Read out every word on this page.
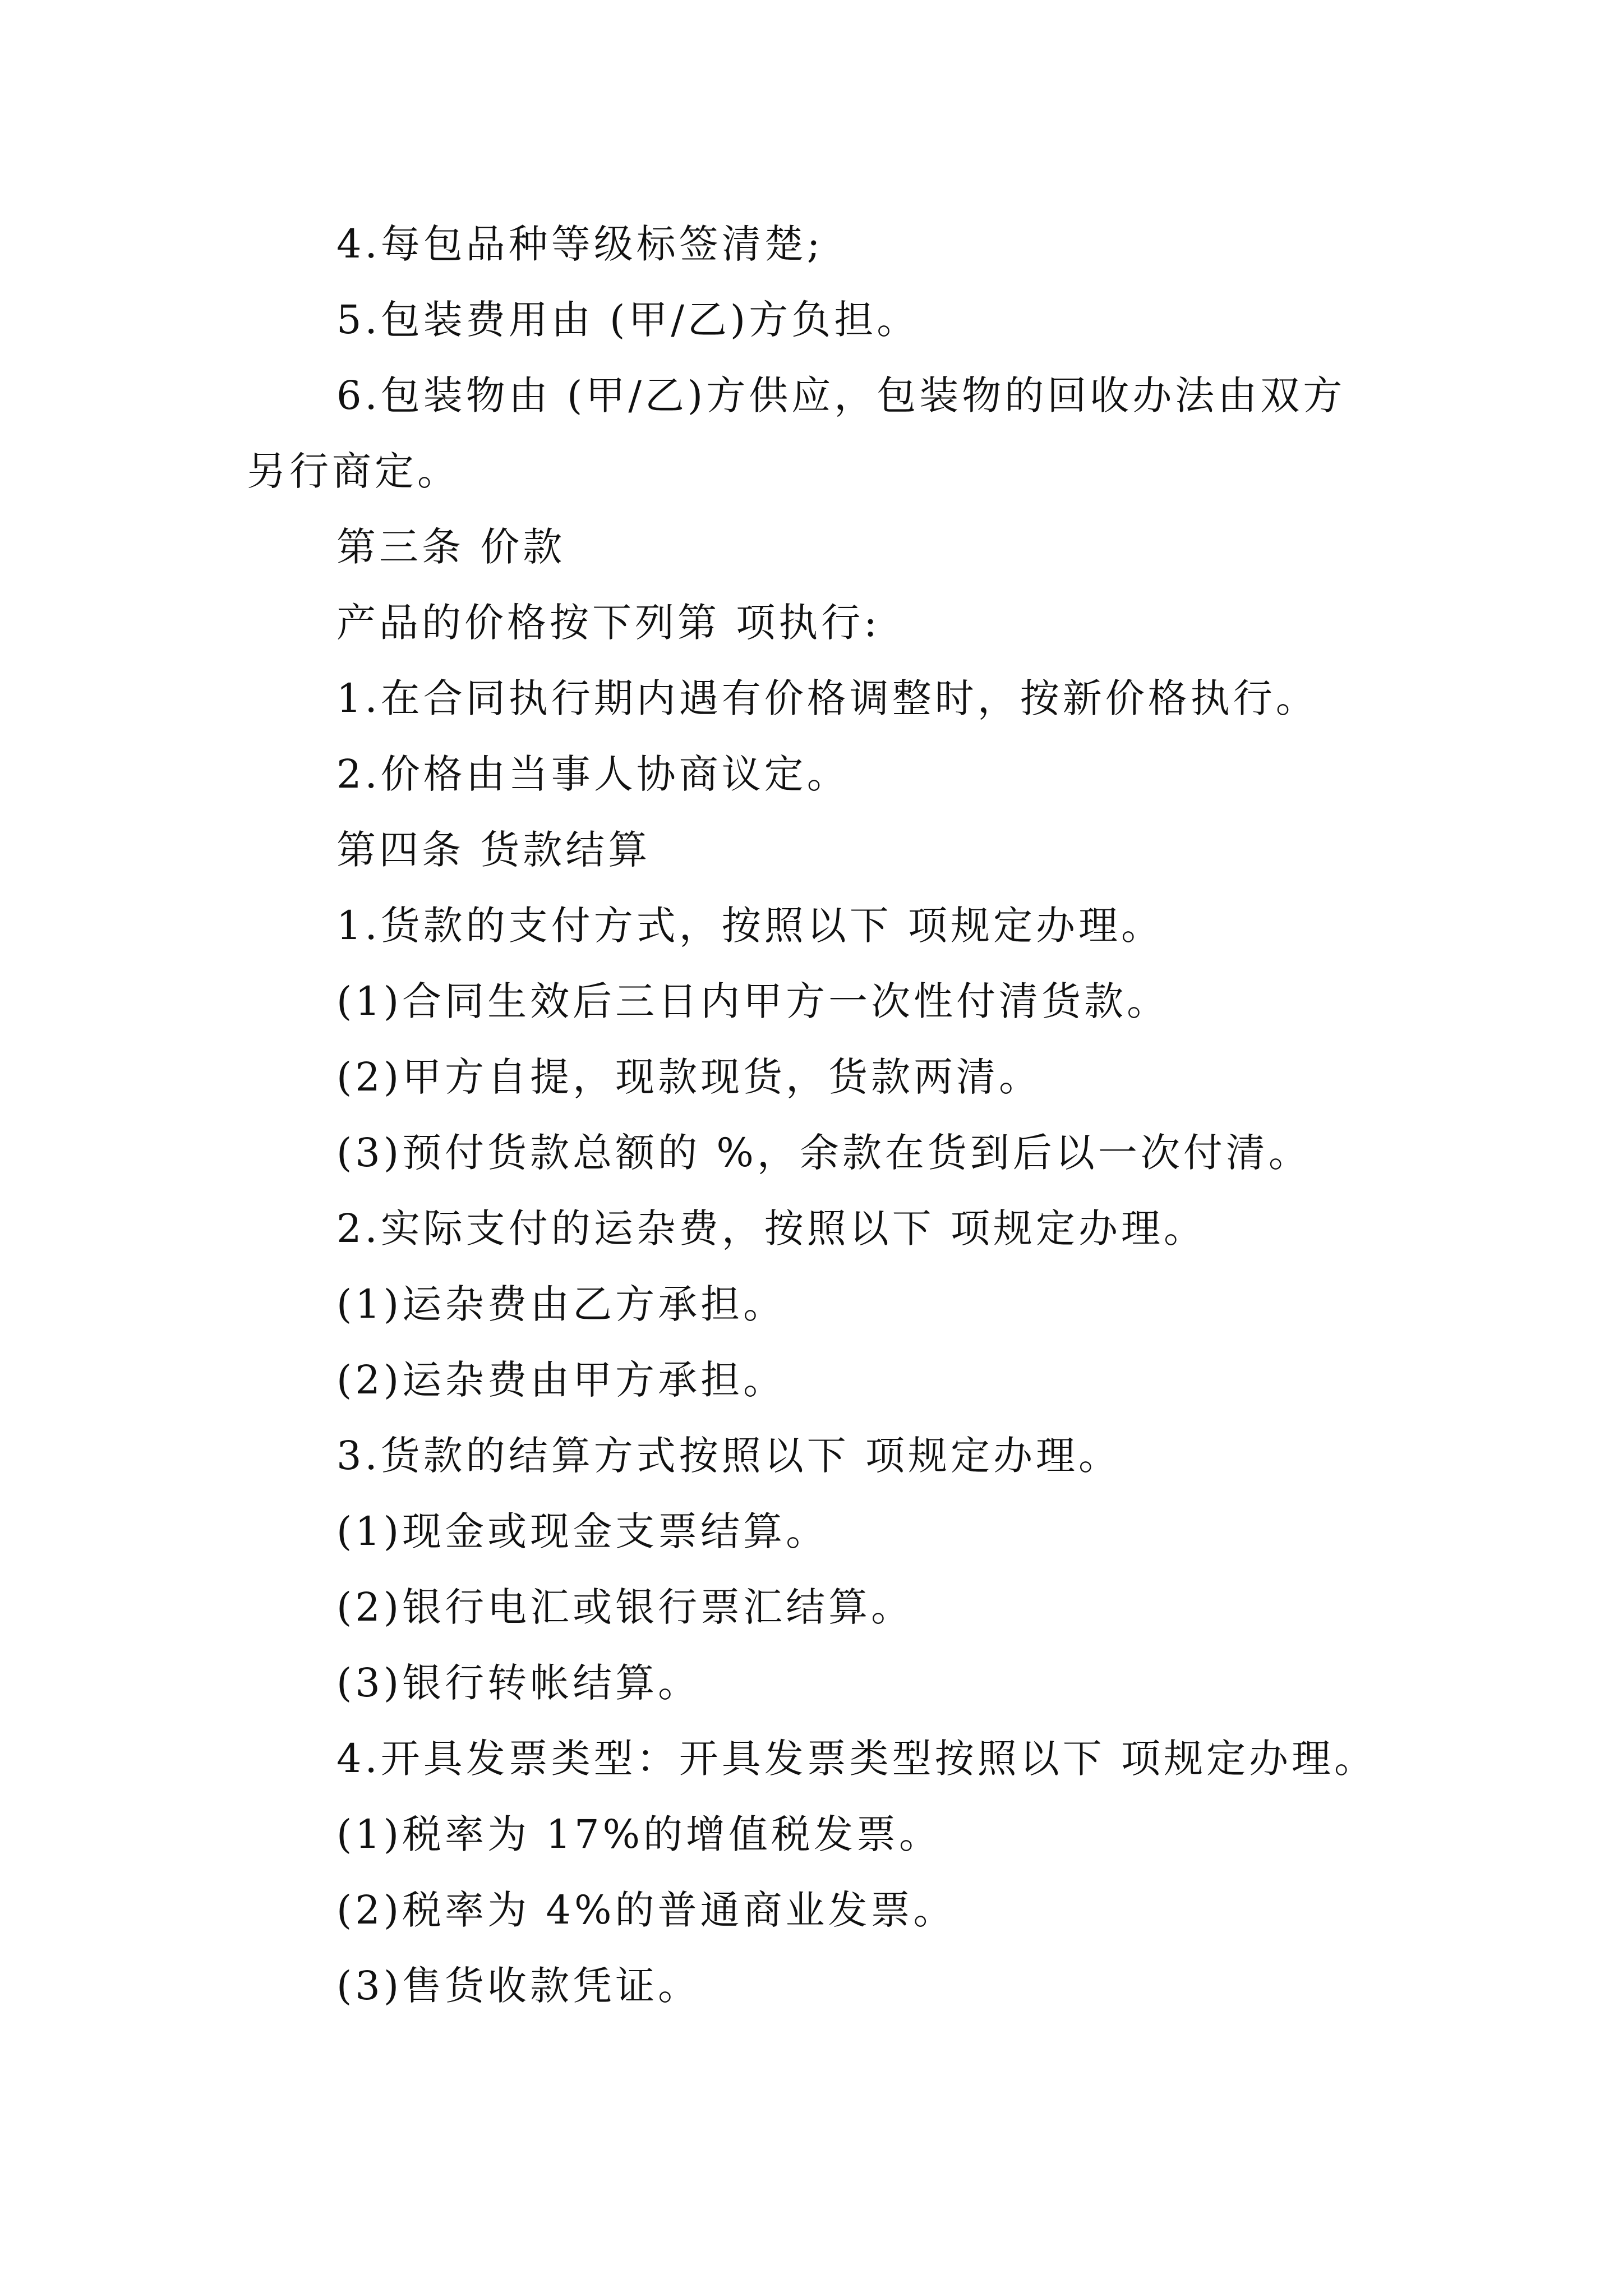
4.每包品种等级标签清楚;
5.包装费用由 (甲/乙)方负担。
6.包装物由 (甲/乙)方供应，包装物的回收办法由双方
另行商定。
第三条 价款
产品的价格按下列第 项执行:
1.在合同执行期内遇有价格调整时，按新价格执行。
2.价格由当事人协商议定。
第四条 货款结算
1.货款的支付方式，按照以下 项规定办理。
(1)合同生效后三日内甲方一次性付清货款。
(2)甲方自提，现款现货，货款两清。
(3)预付货款总额的 %，余款在货到后以一次付清。
2.实际支付的运杂费，按照以下 项规定办理。
(1)运杂费由乙方承担。
(2)运杂费由甲方承担。
3.货款的结算方式按照以下 项规定办理。
(1)现金或现金支票结算。
(2)银行电汇或银行票汇结算。
(3)银行转帐结算。
4.开具发票类型：开具发票类型按照以下 项规定办理。
(1)税率为 17%的增值税发票。
(2)税率为 4%的普通商业发票。
(3)售货收款凭证。
